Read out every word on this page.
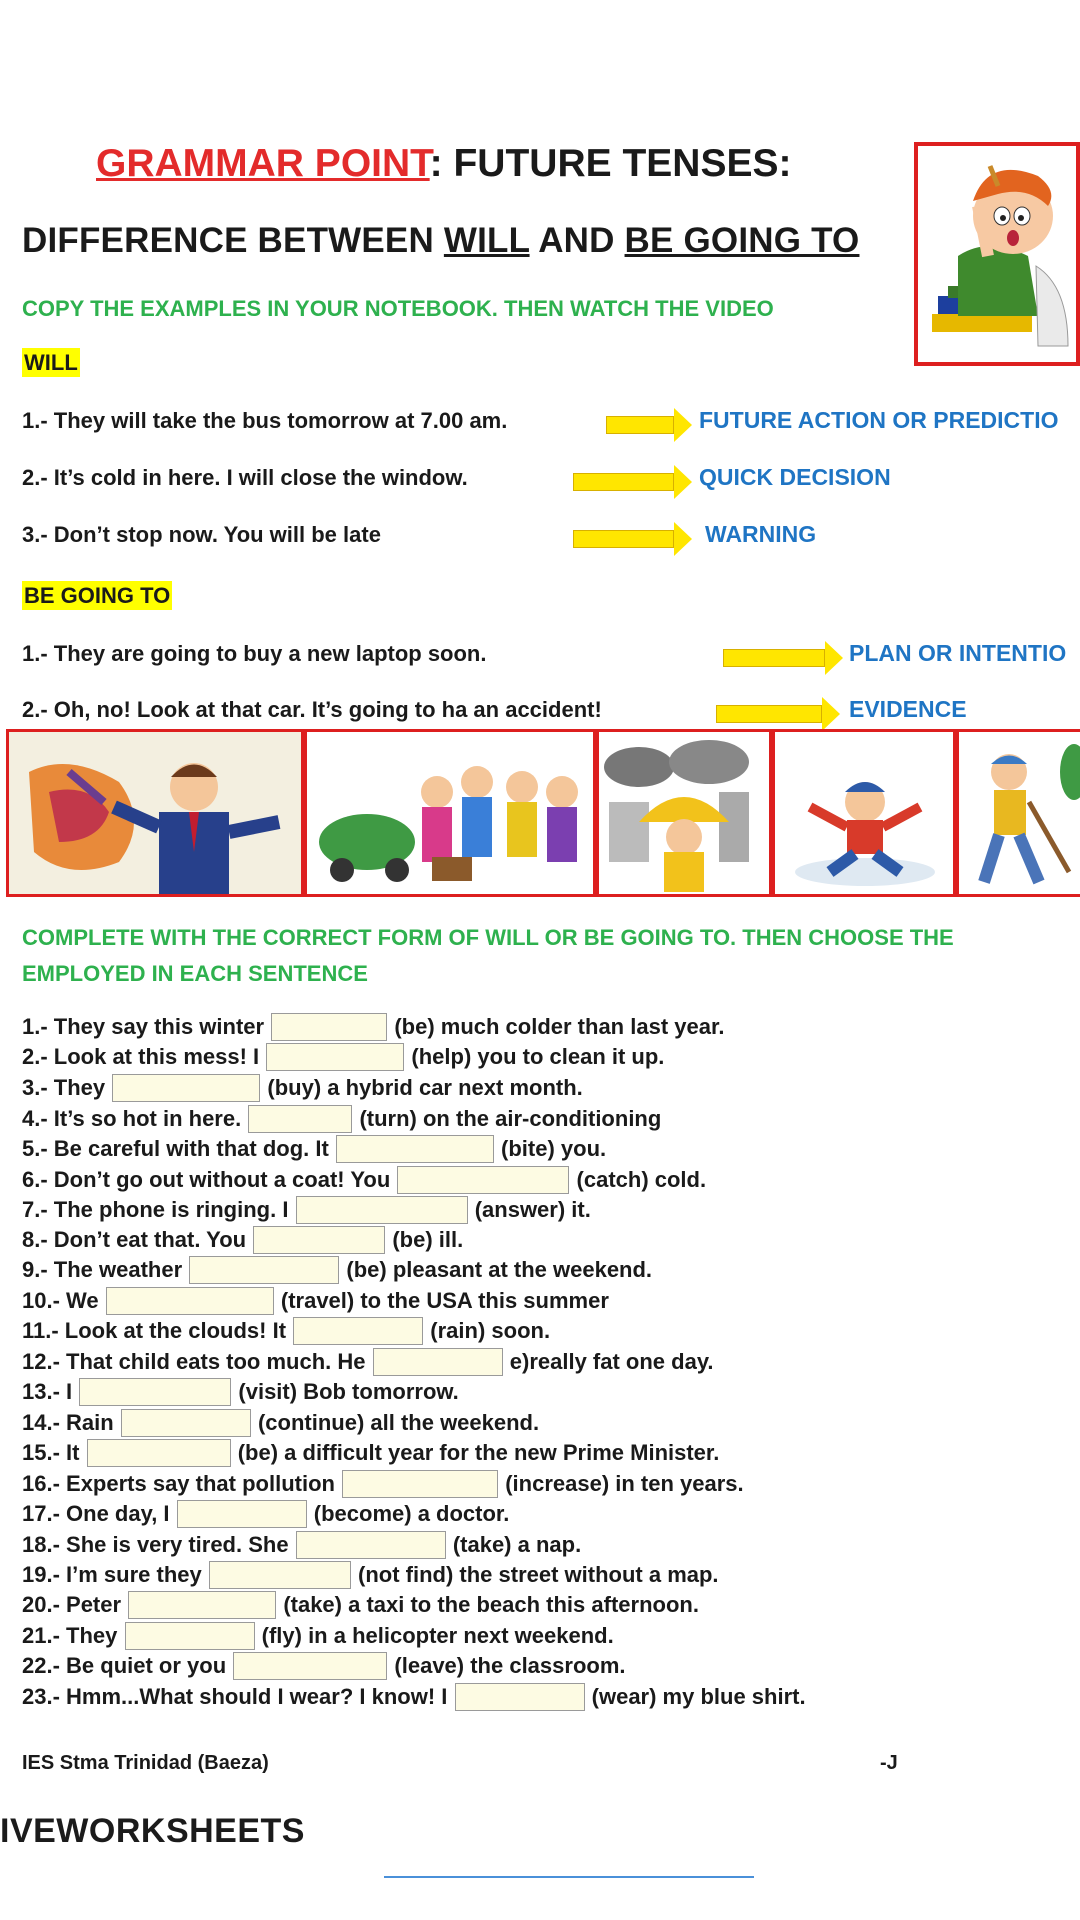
GRAMMAR POINT: FUTURE TENSES:
DIFFERENCE BETWEEN WILL AND BE GOING TO
COPY THE EXAMPLES IN YOUR NOTEBOOK. THEN WATCH THE VIDEO
WILL
1.- They will take the bus tomorrow at 7.00 am.	FUTURE ACTION OR PREDICTIO
2.- It’s cold in here. I will close the window.	QUICK DECISION
3.- Don’t stop now. You will be late	WARNING
BE GOING TO
1.- They are going to buy a new laptop soon.	PLAN OR INTENTIO
2.- Oh, no! Look at that car. It’s going to ha an accident!	EVIDENCE
COMPLETE WITH THE CORRECT FORM OF WILL OR BE GOING TO. THEN CHOOSE THE
EMPLOYED IN EACH SENTENCE
1.- They say this winter	(be) much colder than last year.
2.- Look at this mess! I	(help) you to clean it up.
3.- They	(buy) a hybrid car next month.
4.- It’s so hot in here.	(turn) on the air-conditioning
5.- Be careful with that dog. It	(bite) you.
6.- Don’t go out without a coat! You	(catch) cold.
7.- The phone is ringing. I	(answer) it.
8.- Don’t eat that. You	(be) ill.
9.- The weather	(be) pleasant at the weekend.
10.- We	(travel) to the USA this summer
11.- Look at the clouds! It	(rain) soon.
12.- That child eats too much. He	e)really fat one day.
13.- I	(visit) Bob tomorrow.
14.- Rain	(continue) all the weekend.
15.- It	(be) a difficult year for the new Prime Minister.
16.- Experts say that pollution	(increase) in ten years.
17.- One day, I	(become) a doctor.
18.- She is very tired. She	(take) a nap.
19.- I’m sure they	(not find) the street without a map.
20.- Peter	(take) a taxi to the beach this afternoon.
21.- They	(fly) in a helicopter next weekend.
22.- Be quiet or you	(leave) the classroom.
23.- Hmm...What should I wear? I know! I	(wear) my blue shirt.
IES Stma Trinidad (Baeza)	-J
IVEWORKSHEETS
